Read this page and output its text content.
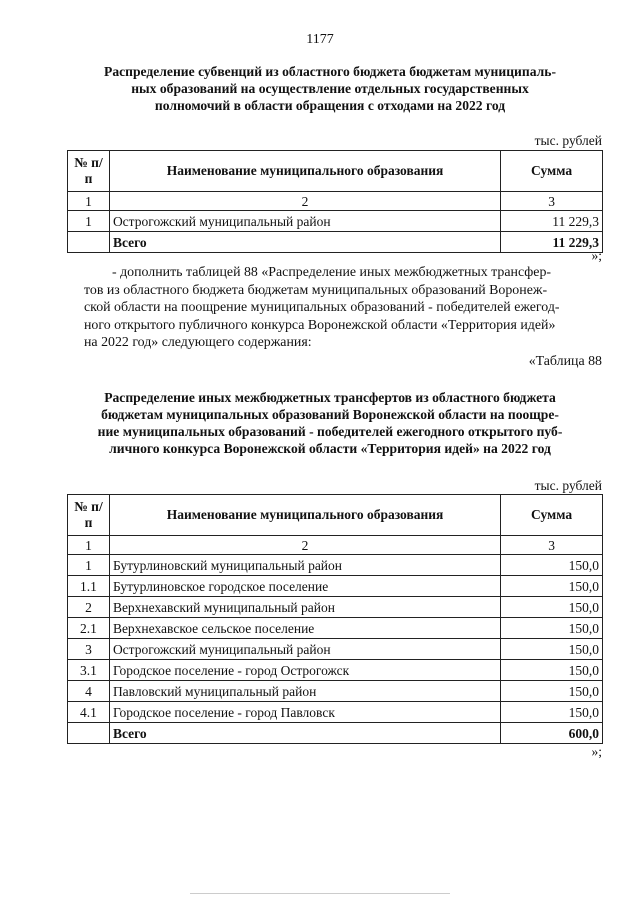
1177
Распределение субвенций из областного бюджета бюджетам муниципаль-
ных образований на осуществление отдельных государственных
полномочий в области обращения с отходами на 2022 год
тыс. рублей
№ п/п	Наименование муниципального образования	Сумма
1	2	3
1	Острогожский муниципальный район	11 229,3
	Всего	11 229,3
»;
- дополнить таблицей 88 «Распределение иных межбюджетных трансфер-
тов из областного бюджета бюджетам муниципальных образований Воронеж-
ской области на поощрение муниципальных образований - победителей ежегод-
ного открытого публичного конкурса Воронежской области «Территория идей»
на 2022 год» следующего содержания:
«Таблица 88
Распределение иных межбюджетных трансфертов из областного бюджета
бюджетам муниципальных образований Воронежской области на поощре-
ние муниципальных образований - победителей ежегодного открытого пуб-
личного конкурса Воронежской области «Территория идей» на 2022 год
тыс. рублей
№ п/п	Наименование муниципального образования	Сумма
1	2	3
1	Бутурлиновский муниципальный район	150,0
1.1	Бутурлиновское городское поселение	150,0
2	Верхнехавский муниципальный район	150,0
2.1	Верхнехавское сельское поселение	150,0
3	Острогожский муниципальный район	150,0
3.1	Городское поселение - город Острогожск	150,0
4	Павловский муниципальный район	150,0
4.1	Городское поселение - город Павловск	150,0
	Всего	600,0
»;
